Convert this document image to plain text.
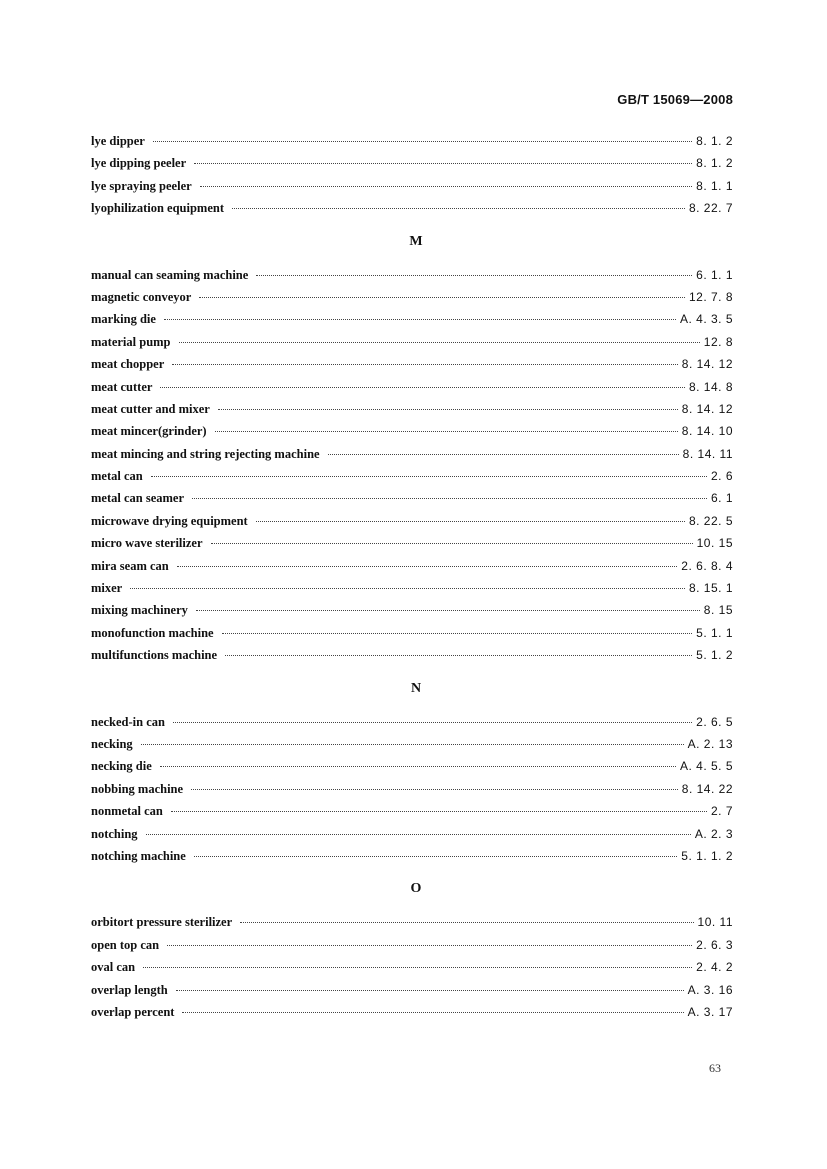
GB/T 15069—2008
lye dipper	8. 1. 2
lye dipping peeler	8. 1. 2
lye spraying peeler	8. 1. 1
lyophilization equipment	8. 22. 7
M
manual can seaming machine	6. 1. 1
magnetic conveyor	12. 7. 8
marking die	A. 4. 3. 5
material pump	12. 8
meat chopper	8. 14. 12
meat cutter	8. 14. 8
meat cutter and mixer	8. 14. 12
meat mincer(grinder)	8. 14. 10
meat mincing and string rejecting machine	8. 14. 11
metal can	2. 6
metal can seamer	6. 1
microwave drying equipment	8. 22. 5
micro wave sterilizer	10. 15
mira seam can	2. 6. 8. 4
mixer	8. 15. 1
mixing machinery	8. 15
monofunction machine	5. 1. 1
multifunctions machine	5. 1. 2
N
necked-in can	2. 6. 5
necking	A. 2. 13
necking die	A. 4. 5. 5
nobbing machine	8. 14. 22
nonmetal can	2. 7
notching	A. 2. 3
notching machine	5. 1. 1. 2
O
orbitort pressure sterilizer	10. 11
open top can	2. 6. 3
oval can	2. 4. 2
overlap length	A. 3. 16
overlap percent	A. 3. 17
63
